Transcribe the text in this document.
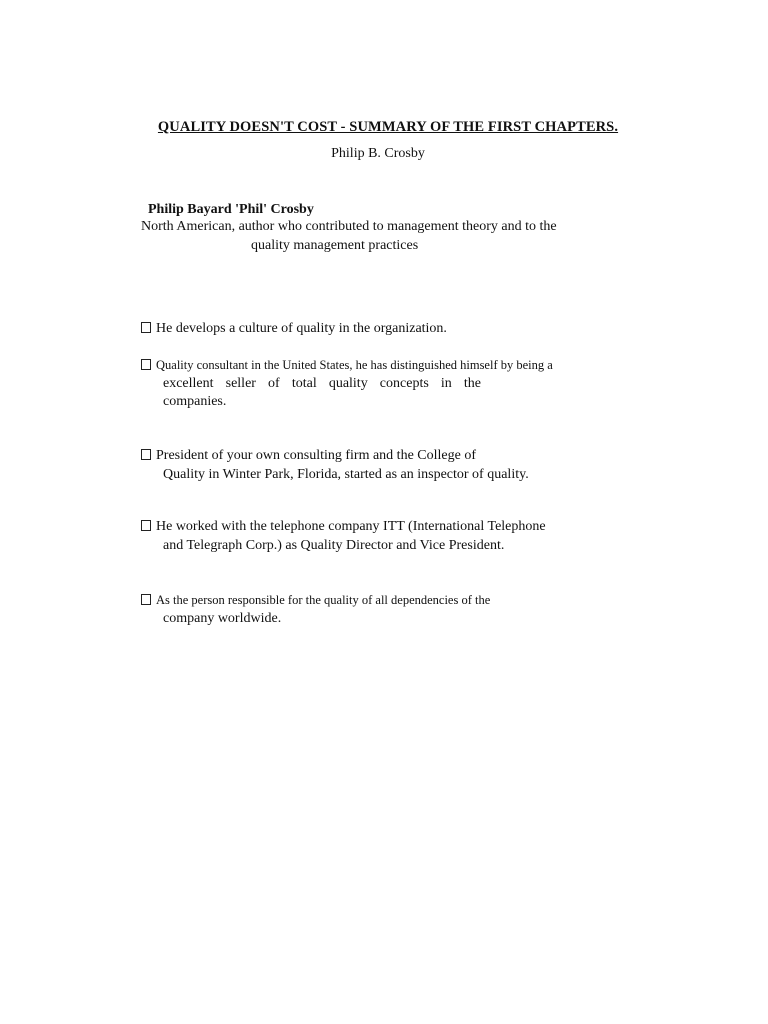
QUALITY DOESN'T COST - SUMMARY OF THE FIRST CHAPTERS.
Philip B. Crosby
Philip Bayard 'Phil' Crosby
North American, author who contributed to management theory and to the
quality management practices
He develops a culture of quality in the organization.
Quality consultant in the United States, he has distinguished himself by being a
excellent seller of total quality concepts in the companies.
President of your own consulting firm and the College of
Quality in Winter Park, Florida, started as an inspector of quality.
He worked with the telephone company ITT (International Telephone
and Telegraph Corp.) as Quality Director and Vice President.
As the person responsible for the quality of all dependencies of the
company worldwide.
